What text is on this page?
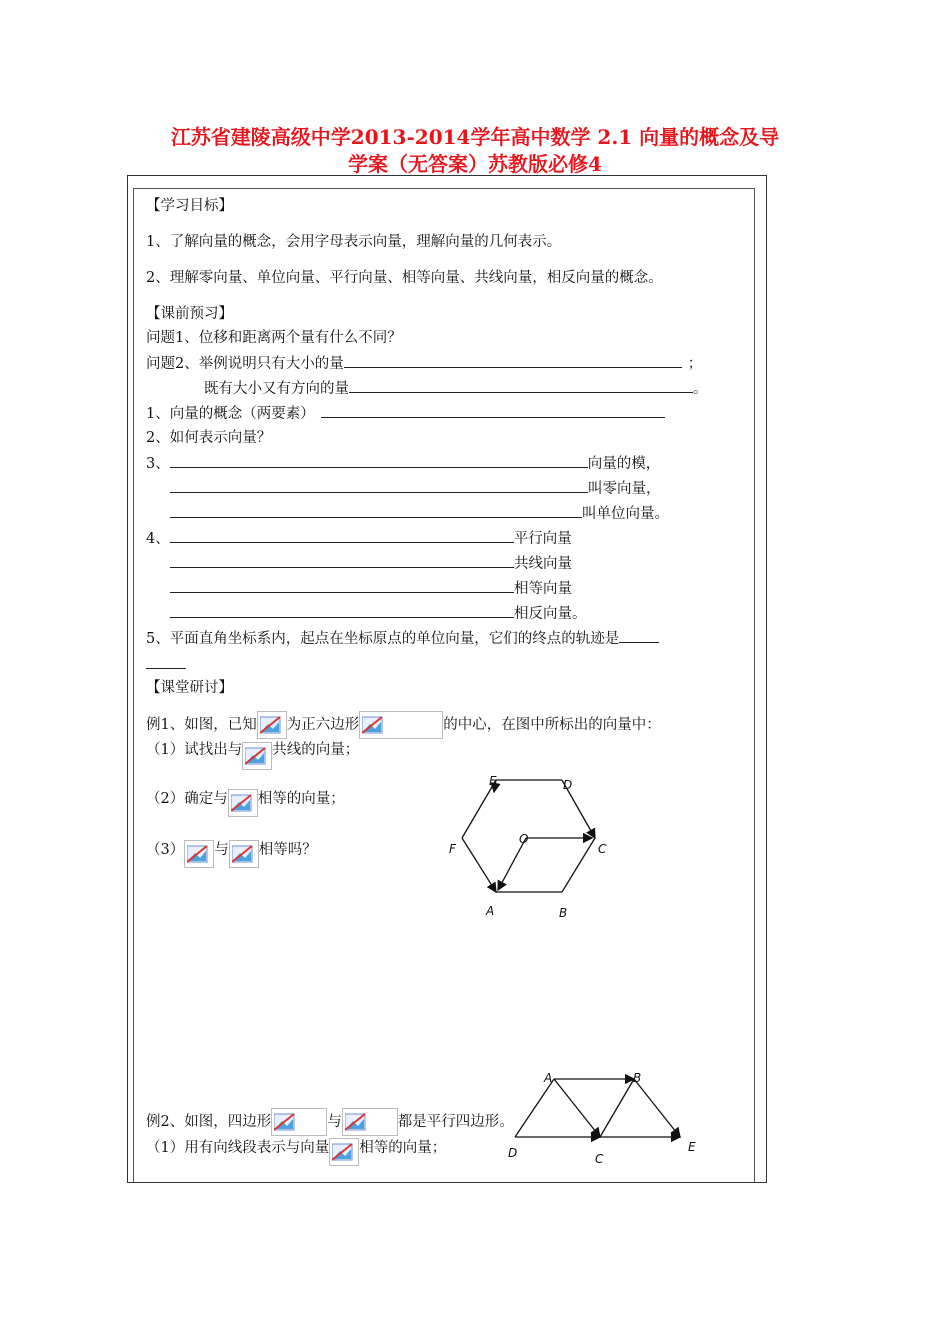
江苏省建陵高级中学2013-2014学年高中数学 2.1 向量的概念及导
学案（无答案）苏教版必修4
【学习目标】
1、了解向量的概念，会用字母表示向量，理解向量的几何表示。
2、理解零向量、单位向量、平行向量、相等向量、共线向量，相反向量的概念。
【课前预习】
问题1、位移和距离两个量有什么不同？
问题2、举例说明只有大小的量	；
既有大小又有方向的量	。
1、向量的概念（两要素）
2、如何表示向量？
3、	向量的模，
叫零向量，
叫单位向量。
4、	平行向量
共线向量
相等向量
相反向量。
5、平面直角坐标系内，起点在坐标原点的单位向量，它们的终点的轨迹是
【课堂研讨】
例1、如图，已知 为正六边形	的中心，在图中所标出的向量中：
（1）试找出与 共线的向量；
（2）确定与 相等的向量；
（3） 与 相等吗？
E	D
F
O
C
A	B
例2、如图，四边形	与	都是平行四边形。
（1）用有向线段表示与向量 相等的向量；
A	B
D	C
E
